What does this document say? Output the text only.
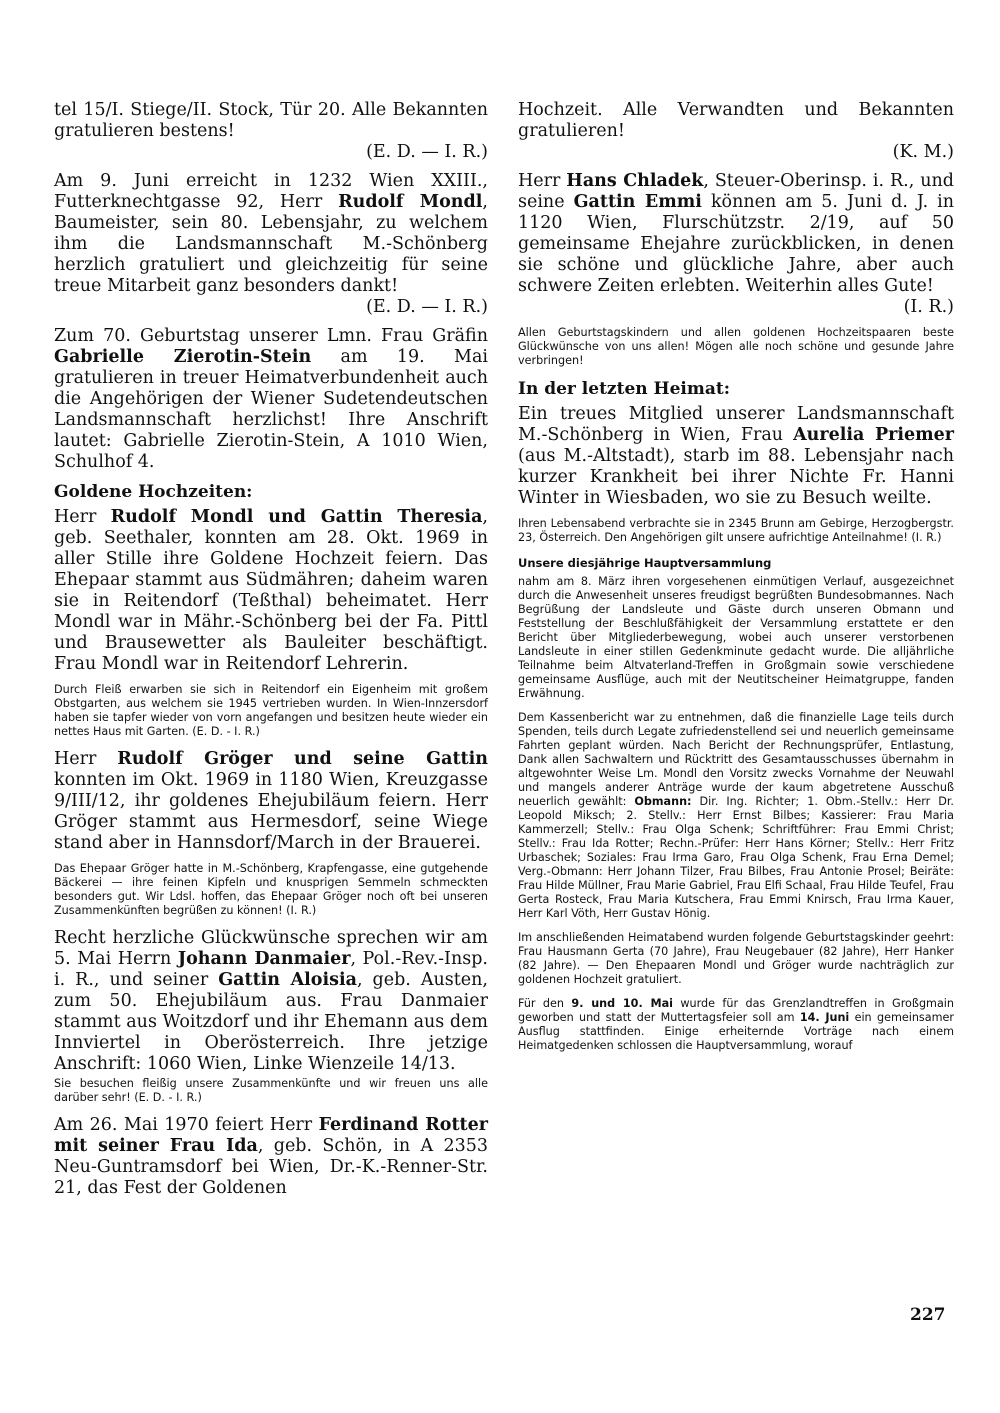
tel 15/I. Stiege/II. Stock, Tür 20. Alle Bekannten gratulieren bestens!
(E. D. — I. R.)

Am 9. Juni erreicht in 1232 Wien XXIII., Futterknechtgasse 92, Herr Rudolf Mondl, Baumeister, sein 80. Lebensjahr, zu welchem ihm die Landsmannschaft M.-Schönberg herzlich gratuliert und gleichzeitig für seine treue Mitarbeit ganz besonders dankt!
(E. D. — I. R.)

Zum 70. Geburtstag unserer Lmn. Frau Gräfin Gabrielle Zierotin-Stein am 19. Mai gratulieren in treuer Heimatverbundenheit auch die Angehörigen der Wiener Sudetendeutschen Landsmannschaft herzlichst! Ihre Anschrift lautet: Gabrielle Zierotin-Stein, A 1010 Wien, Schulhof 4.

Goldene Hochzeiten:

Herr Rudolf Mondl und Gattin Theresia, geb. Seethaler, konnten am 28. Okt. 1969 in aller Stille ihre Goldene Hochzeit feiern. Das Ehepaar stammt aus Südmähren; daheim waren sie in Reitendorf (Teßthal) beheimatet. Herr Mondl war in Mähr.-Schönberg bei der Fa. Pittl und Brausewetter als Bauleiter beschäftigt. Frau Mondl war in Reitendorf Lehrerin.

Durch Fleiß erwarben sie sich in Reitendorf ein Eigenheim mit großem Obstgarten, aus welchem sie 1945 vertrieben wurden. In Wien-Innzersdorf haben sie tapfer wieder von vorn angefangen und besitzen heute wieder ein nettes Haus mit Garten. (E. D. - I. R.)

Herr Rudolf Gröger und seine Gattin konnten im Okt. 1969 in 1180 Wien, Kreuzgasse 9/III/12, ihr goldenes Ehejubiläum feiern. Herr Gröger stammt aus Hermesdorf, seine Wiege stand aber in Hannsdorf/March in der Brauerei.

Das Ehepaar Gröger hatte in M.-Schönberg, Krapfengasse, eine gutgehende Bäckerei — ihre feinen Kipfeln und knusprigen Semmeln schmeckten besonders gut. Wir Ldsl. hoffen, das Ehepaar Gröger noch oft bei unseren Zusammenkünften begrüßen zu können! (I. R.)

Recht herzliche Glückwünsche sprechen wir am 5. Mai Herrn Johann Danmaier, Pol.-Rev.-Insp. i. R., und seiner Gattin Aloisia, geb. Austen, zum 50. Ehejubiläum aus. Frau Danmaier stammt aus Woitzdorf und ihr Ehemann aus dem Innviertel in Oberösterreich. Ihre jetzige Anschrift: 1060 Wien, Linke Wienzeile 14/13.

Sie besuchen fleißig unsere Zusammenkünfte und wir freuen uns alle darüber sehr! (E. D. - I. R.)

Am 26. Mai 1970 feiert Herr Ferdinand Rotter mit seiner Frau Ida, geb. Schön, in A 2353 Neu-Guntramsdorf bei Wien, Dr.-K.-Renner-Str. 21, das Fest der Goldenen

Hochzeit. Alle Verwandten und Bekannten gratulieren!
(K. M.)

Herr Hans Chladek, Steuer-Oberinsp. i. R., und seine Gattin Emmi können am 5. Juni d. J. in 1120 Wien, Flurschützstr. 2/19, auf 50 gemeinsame Ehejahre zurückblicken, in denen sie schöne und glückliche Jahre, aber auch schwere Zeiten erlebten. Weiterhin alles Gute!
(I. R.)

Allen Geburtstagskindern und allen goldenen Hochzeitspaaren beste Glückwünsche von uns allen! Mögen alle noch schöne und gesunde Jahre verbringen!

In der letzten Heimat:

Ein treues Mitglied unserer Landsmannschaft M.-Schönberg in Wien, Frau Aurelia Priemer (aus M.-Altstadt), starb im 88. Lebensjahr nach kurzer Krankheit bei ihrer Nichte Fr. Hanni Winter in Wiesbaden, wo sie zu Besuch weilte.

Ihren Lebensabend verbrachte sie in 2345 Brunn am Gebirge, Herzogbergstr. 23, Österreich. Den Angehörigen gilt unsere aufrichtige Anteilnahme! (I. R.)

Unsere diesjährige Hauptversammlung

nahm am 8. März ihren vorgesehenen einmütigen Verlauf, ausgezeichnet durch die Anwesenheit unseres freudigst begrüßten Bundesobmannes. Nach Begrüßung der Landsleute und Gäste durch unseren Obmann und Feststellung der Beschlußfähigkeit der Versammlung erstattete er den Bericht über Mitgliederbewegung, wobei auch unserer verstorbenen Landsleute in einer stillen Gedenkminute gedacht wurde. Die alljährliche Teilnahme beim Altvaterland-Treffen in Großgmain sowie verschiedene gemeinsame Ausflüge, auch mit der Neutitscheiner Heimatgruppe, fanden Erwähnung.

Dem Kassenbericht war zu entnehmen, daß die finanzielle Lage teils durch Spenden, teils durch Legate zufriedenstellend sei und neuerlich gemeinsame Fahrten geplant würden. Nach Bericht der Rechnungsprüfer, Entlastung, Dank allen Sachwaltern und Rücktritt des Gesamtausschusses übernahm in altgewohnter Weise Lm. Mondl den Vorsitz zwecks Vornahme der Neuwahl und mangels anderer Anträge wurde der kaum abgetretene Ausschuß neuerlich gewählt: Obmann: Dir. Ing. Richter; 1. Obm.-Stellv.: Herr Dr. Leopold Miksch; 2. Stellv.: Herr Ernst Bilbes; Kassierer: Frau Maria Kammerzell; Stellv.: Frau Olga Schenk; Schriftführer: Frau Emmi Christ; Stellv.: Frau Ida Rotter; Rechn.-Prüfer: Herr Hans Körner; Stellv.: Herr Fritz Urbaschek; Soziales: Frau Irma Garo, Frau Olga Schenk, Frau Erna Demel; Verg.-Obmann: Herr Johann Tilzer, Frau Bilbes, Frau Antonie Prosel; Beiräte: Frau Hilde Müllner, Frau Marie Gabriel, Frau Elfi Schaal, Frau Hilde Teufel, Frau Gerta Rosteck, Frau Maria Kutschera, Frau Emmi Knirsch, Frau Irma Kauer, Herr Karl Vöth, Herr Gustav Hönig.

Im anschließenden Heimatabend wurden folgende Geburtstagskinder geehrt: Frau Hausmann Gerta (70 Jahre), Frau Neugebauer (82 Jahre), Herr Hanker (82 Jahre). — Den Ehepaaren Mondl und Gröger wurde nachträglich zur goldenen Hochzeit gratuliert.

Für den 9. und 10. Mai wurde für das Grenzlandtreffen in Großgmain geworben und statt der Muttertagsfeier soll am 14. Juni ein gemeinsamer Ausflug stattfinden. Einige erheiternde Vorträge nach einem Heimatgedenken schlossen die Hauptversammlung, worauf

227
